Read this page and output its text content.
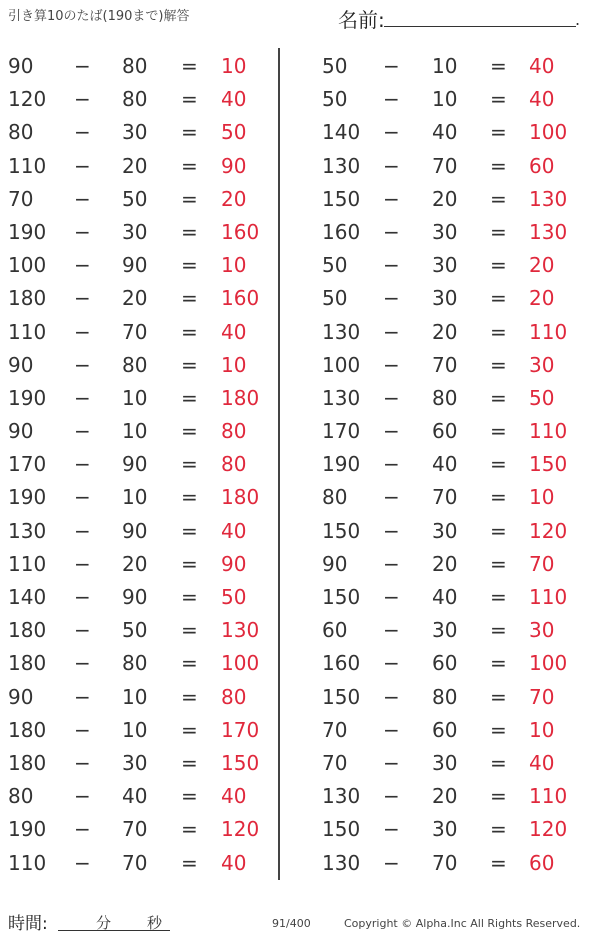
引き算10のたば(190まで)解答	名前:	.
90 − 80 = 10
120 − 80 = 40
80 − 30 = 50
110 − 20 = 90
70 − 50 = 20
190 − 30 = 160
100 − 90 = 10
180 − 20 = 160
110 − 70 = 40
90 − 80 = 10
190 − 10 = 180
90 − 10 = 80
170 − 90 = 80
190 − 10 = 180
130 − 90 = 40
110 − 20 = 90
140 − 90 = 50
180 − 50 = 130
180 − 80 = 100
90 − 10 = 80
180 − 10 = 170
180 − 30 = 150
80 − 40 = 40
190 − 70 = 120
110 − 70 = 40
50 − 10 = 40
50 − 10 = 40
140 − 40 = 100
130 − 70 = 60
150 − 20 = 130
160 − 30 = 130
50 − 30 = 20
50 − 30 = 20
130 − 20 = 110
100 − 70 = 30
130 − 80 = 50
170 − 60 = 110
190 − 40 = 150
80 − 70 = 10
150 − 30 = 120
90 − 20 = 70
150 − 40 = 110
60 − 30 = 30
160 − 60 = 100
150 − 80 = 70
70 − 60 = 10
70 − 30 = 40
130 − 20 = 110
150 − 30 = 120
130 − 70 = 60
時間:	分 秒	91/400	Copyright © Alpha.Inc All Rights Reserved.
